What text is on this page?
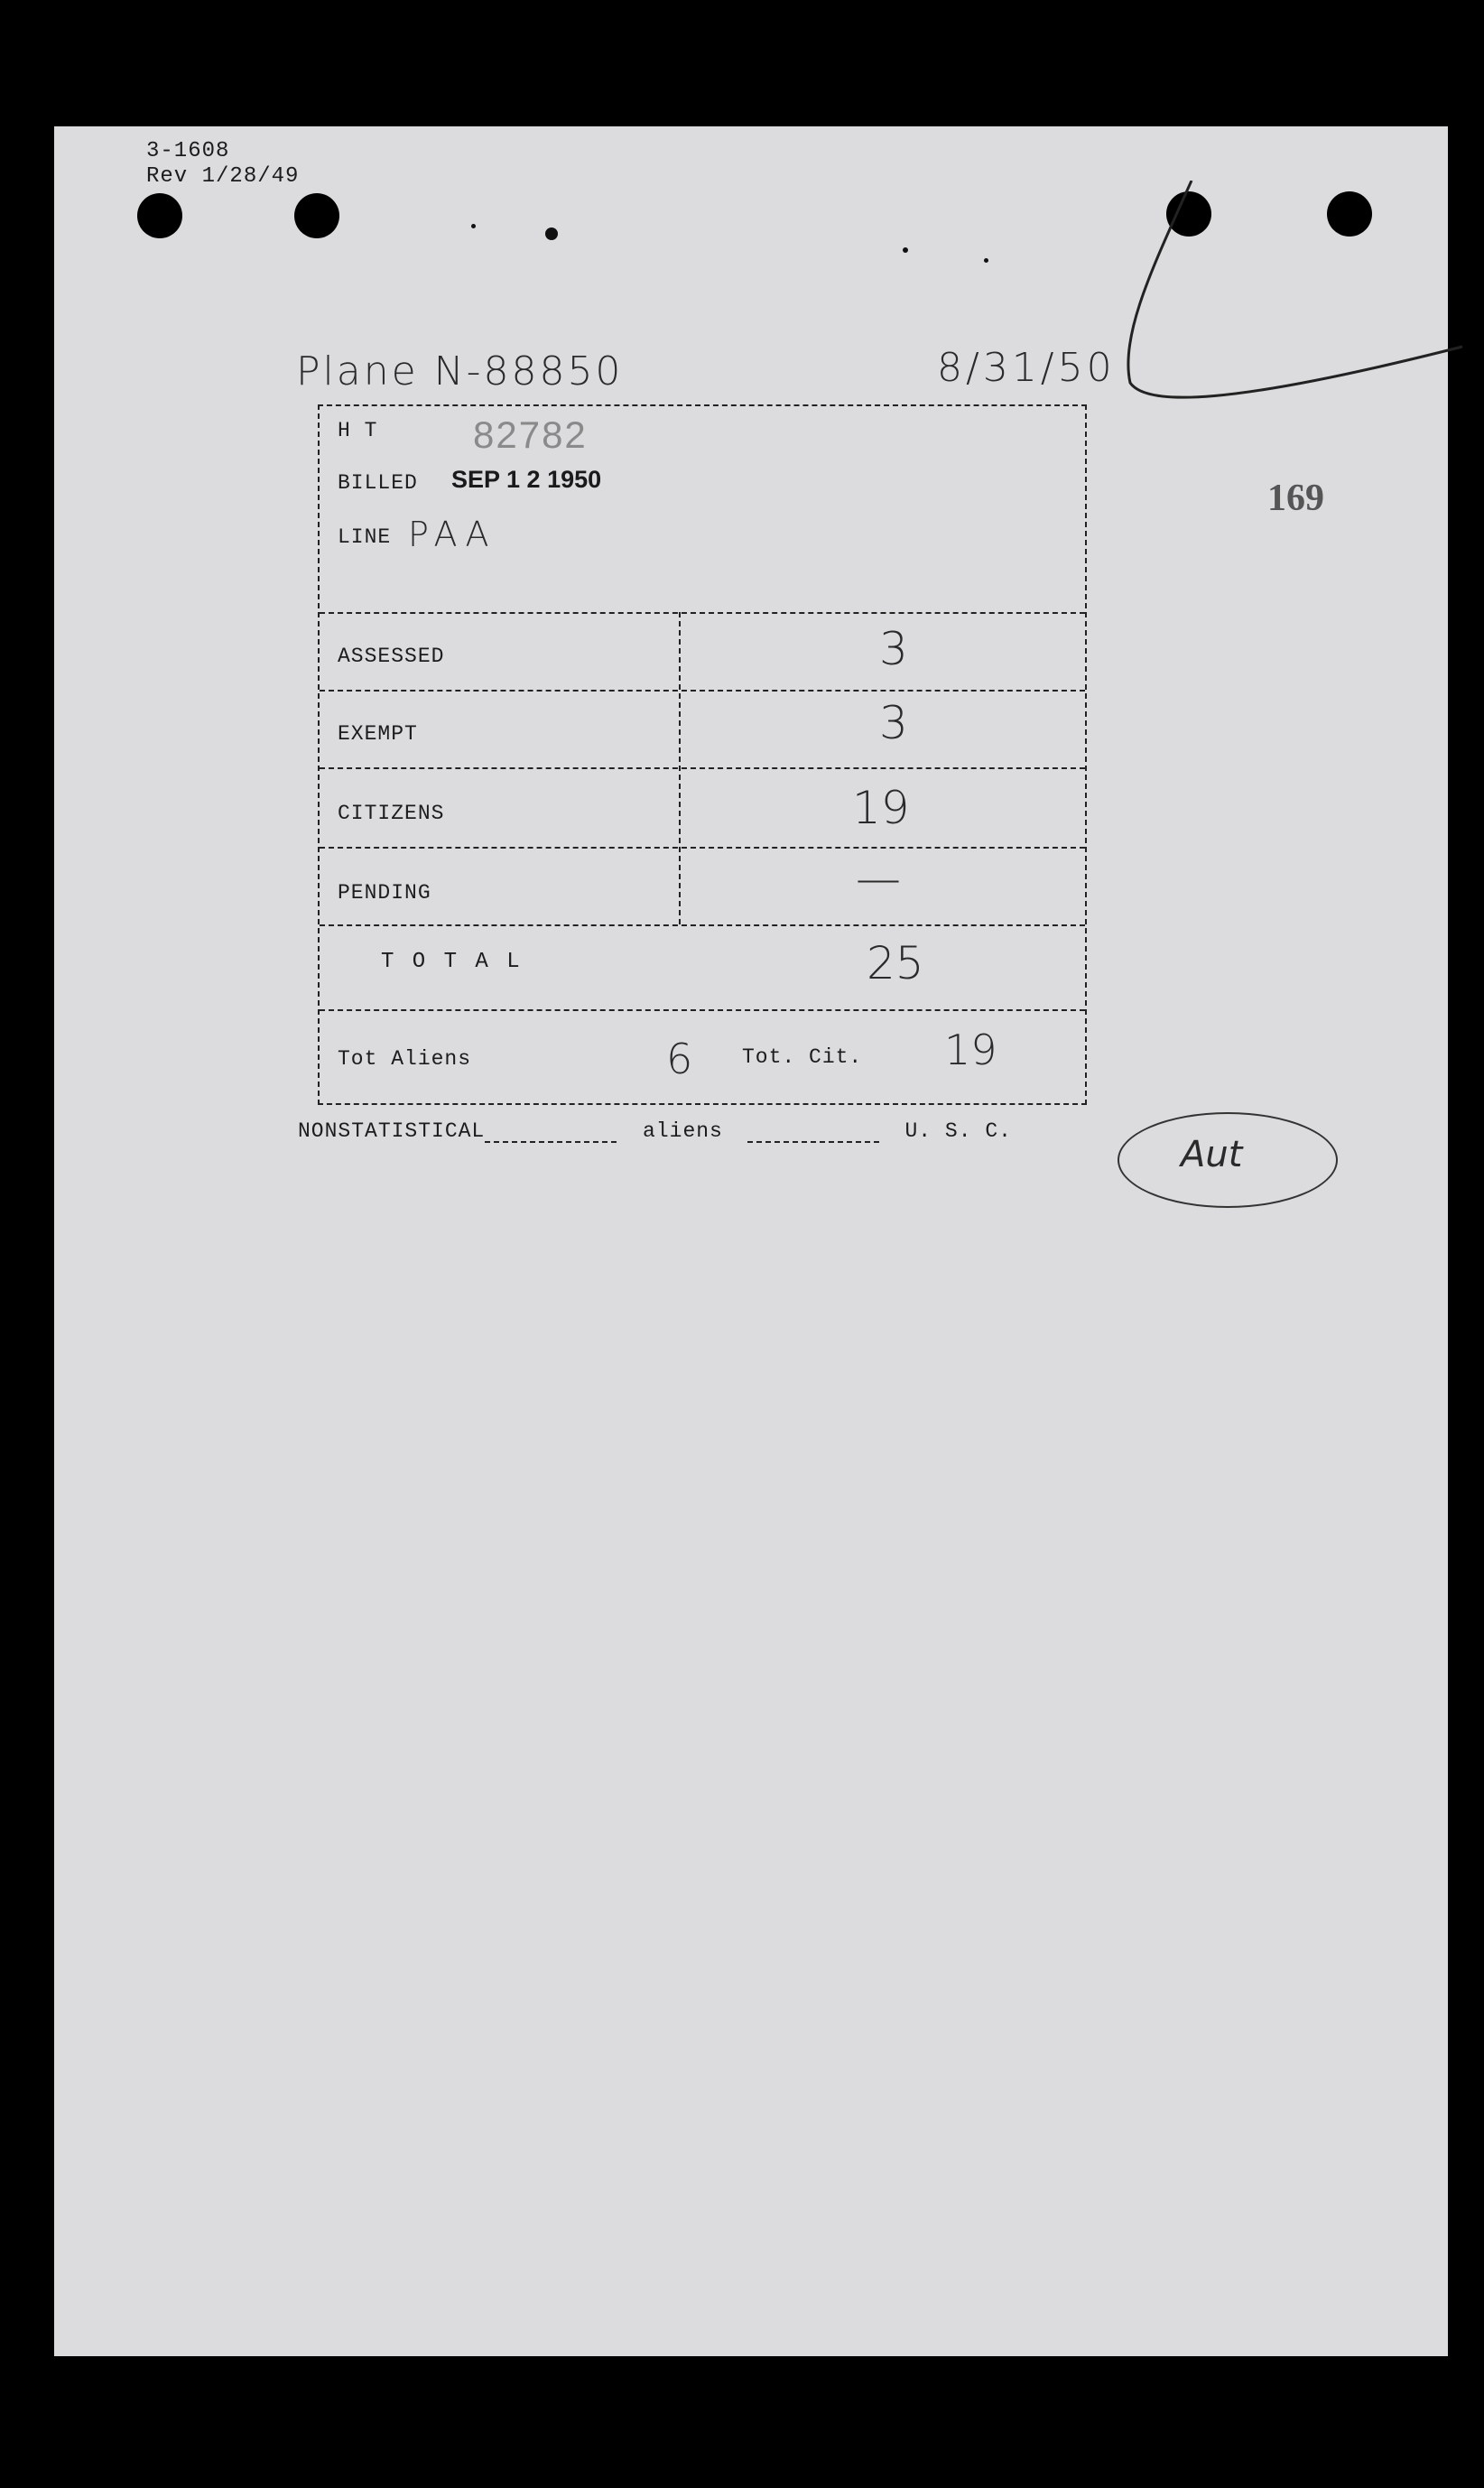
3-1608
Rev 1/28/49
Plane N-88850	8/31/50
169
H T	82782
BILLED SEP 1 2 1950
LINE PAA
ASSESSED	3
EXEMPT	3
CITIZENS	19
PENDING	—
T O T A L	25
Tot Aliens	6 Tot. Cit. 19
Aut
NONSTATISTICAL	aliens	U. S. C.
